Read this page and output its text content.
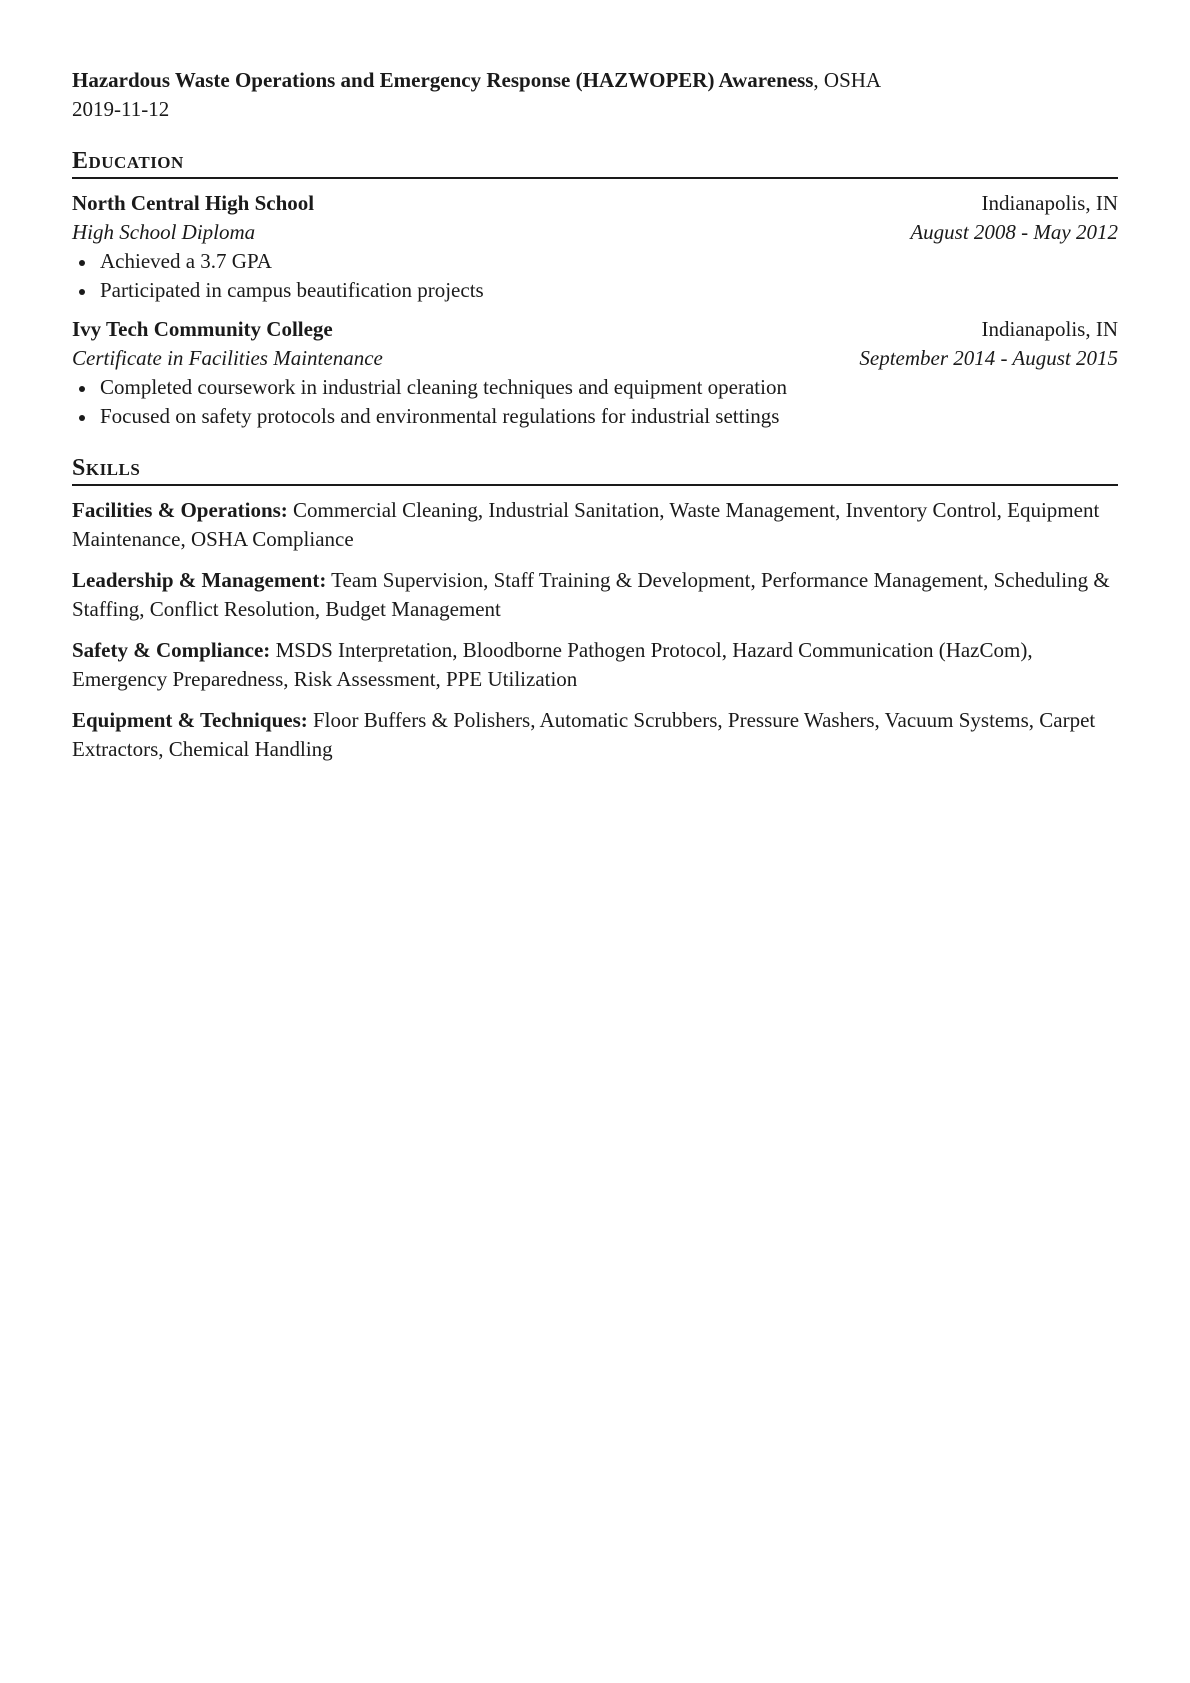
Hazardous Waste Operations and Emergency Response (HAZWOPER) Awareness, OSHA

2019-11-12

Education
North Central High School	Indianapolis, IN
High School Diploma	August 2008 - May 2012
Achieved a 3.7 GPA
Participated in campus beautification projects
Ivy Tech Community College	Indianapolis, IN
Certificate in Facilities Maintenance	September 2014 - August 2015
Completed coursework in industrial cleaning techniques and equipment operation
Focused on safety protocols and environmental regulations for industrial settings
Skills

Facilities & Operations: Commercial Cleaning, Industrial Sanitation, Waste Management, Inventory Control, Equipment Maintenance, OSHA Compliance

Leadership & Management: Team Supervision, Staff Training & Development, Performance Management, Scheduling & Staffing, Conflict Resolution, Budget Management

Safety & Compliance: MSDS Interpretation, Bloodborne Pathogen Protocol, Hazard Communication (HazCom), Emergency Preparedness, Risk Assessment, PPE Utilization

Equipment & Techniques: Floor Buffers & Polishers, Automatic Scrubbers, Pressure Washers, Vacuum Systems, Carpet Extractors, Chemical Handling
